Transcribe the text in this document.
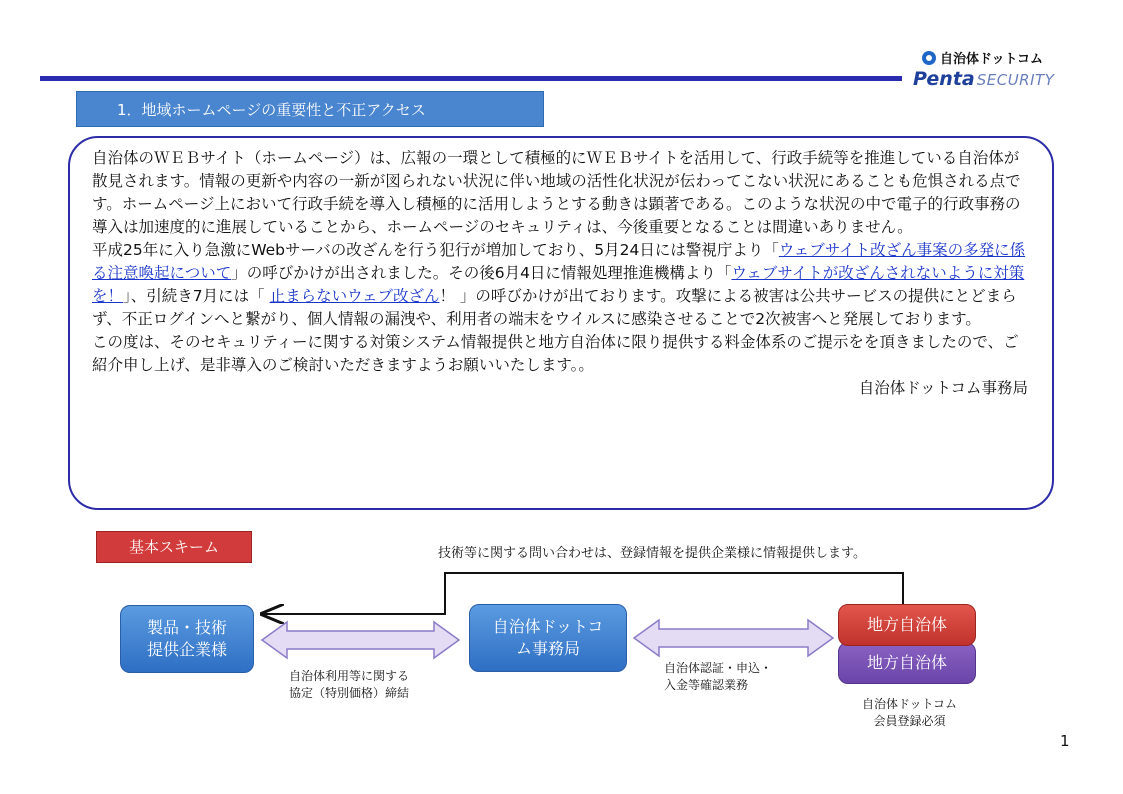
自治体ドットコム
Penta SECURITY
1．地域ホームページの重要性と不正アクセス

自治体のＷＥＢサイト（ホームページ）は、広報の一環として積極的にＷＥＢサイトを活用して、行政手続等を推進している自治体が散見されます。情報の更新や内容の一新が図られない状況に伴い地域の活性化状況が伝わってこない状況にあることも危惧される点です。ホームページ上において行政手続を導入し積極的に活用しようとする動きは顕著である。このような状況の中で電子的行政事務の導入は加速度的に進展していることから、ホームページのセキュリティは、今後重要となることは間違いありません。

平成25年に入り急激にWebサーバの改ざんを行う犯行が増加しており、5月24日には警視庁より「ウェブサイト改ざん事案の多発に係る注意喚起について」の呼びかけが出されました。その後6月4日に情報処理推進機構より「ウェブサイトが改ざんされないように対策を！」、引続き7月には「 止まらないウェブ改ざん！ 」の呼びかけが出ております。攻撃による被害は公共サービスの提供にとどまらず、不正ログインへと繋がり、個人情報の漏洩や、利用者の端末をウイルスに感染させることで2次被害へと発展しております。

この度は、そのセキュリティーに関する対策システム情報提供と地方自治体に限り提供する料金体系のご提示をを頂きましたので、ご紹介申し上げ、是非導入のご検討いただきますようお願いいたします。。

自治体ドットコム事務局

基本スキーム	技術等に関する問い合わせは、登録情報を提供企業様に情報提供します。
製品・技術
提供企業様
自治体ドットコ
ム事務局
地方自治体
地方自治体
自治体利用等に関する
協定（特別価格）締結
自治体認証・申込・
入金等確認業務
自治体ドットコム
会員登録必須
1
